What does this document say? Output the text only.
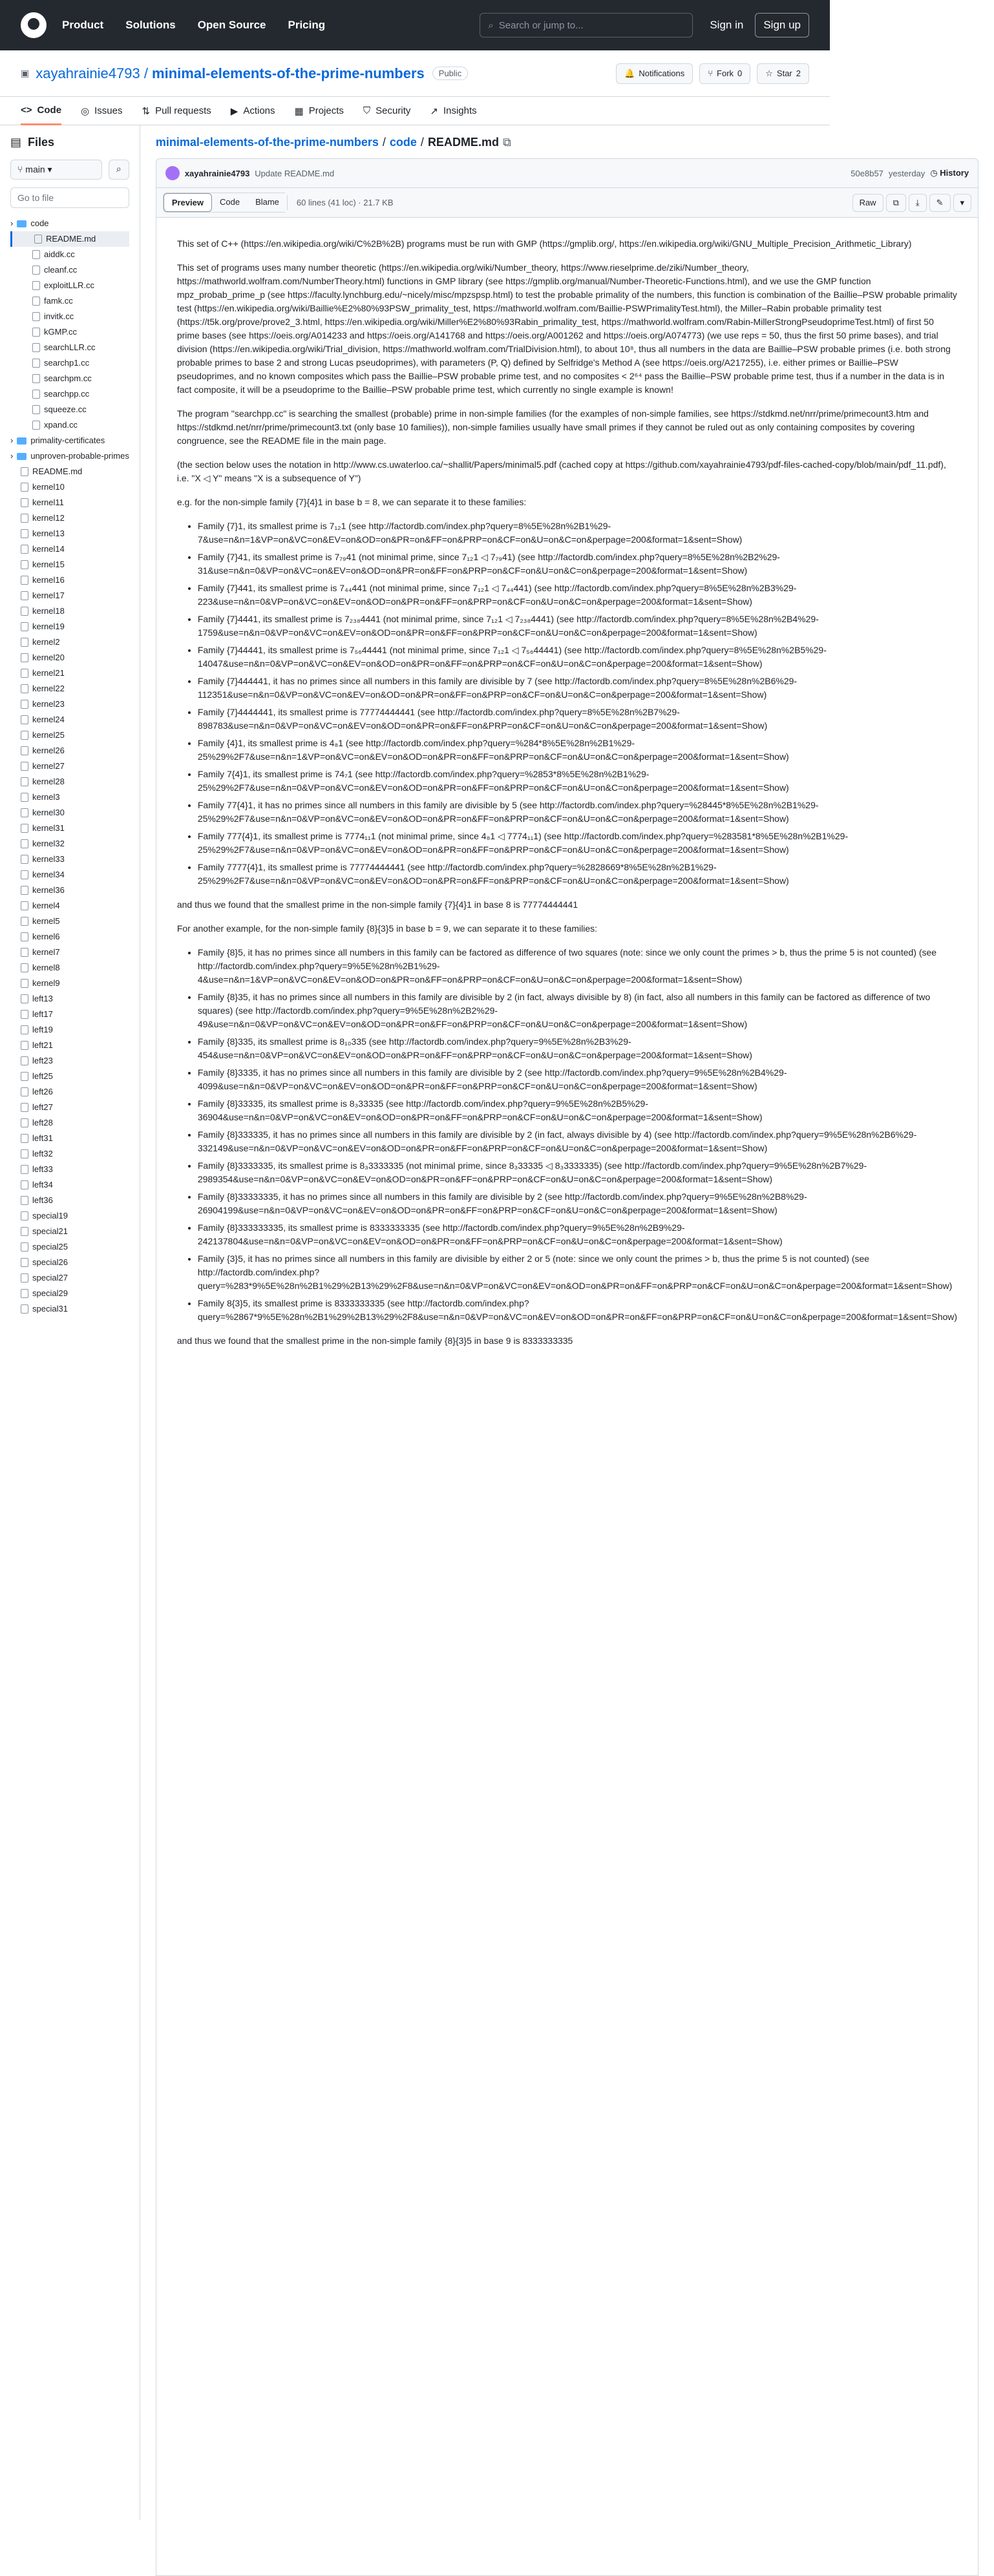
Product Solutions Open Source Pricing	⌕ Search or jump to...	Sign in	Sign up
▣ xayahrainie4793 / minimal-elements-of-the-prime-numbers	Public	🔔 Notifications	⑂ Fork 0	☆ Star 2
<> Code ◎ Issues ⇅ Pull requests ▶ Actions ▦ Projects ⛉ Security ↗ Insights
▤ Files
⑂ main ▾	⌕
Go to file
› code
README.md
aiddk.cc
cleanf.cc
exploitLLR.cc
famk.cc
invitk.cc
kGMP.cc
searchLLR.cc
searchp1.cc
searchpm.cc
searchpp.cc
squeeze.cc
xpand.cc
› primality-certificates
› unproven-probable-primes
README.md
kernel10
kernel11
kernel12
kernel13
kernel14
kernel15
kernel16
kernel17
kernel18
kernel19
kernel2
kernel20
kernel21
kernel22
kernel23
kernel24
kernel25
kernel26
kernel27
kernel28
kernel3
kernel30
kernel31
kernel32
kernel33
kernel34
kernel36
kernel4
kernel5
kernel6
kernel7
kernel8
kernel9
left13
left17
left19
left21
left23
left25
left26
left27
left28
left31
left32
left33
left34
left36
special19
special21
special25
special26
special27
special29
special31
minimal-elements-of-the-prime-numbers / code / README.md ⧉
xayahrainie4793 Update README.md	50e8b57 yesterday ◷ History
Preview	Code	Blame	60 lines (41 loc) · 21.7 KB	Raw	⧉	⤓	✎	▾

This set of C++ (https://en.wikipedia.org/wiki/C%2B%2B) programs must be run with GMP (https://gmplib.org/, https://en.wikipedia.org/wiki/GNU_Multiple_Precision_Arithmetic_Library)

This set of programs uses many number theoretic (https://en.wikipedia.org/wiki/Number_theory, https://www.rieselprime.de/ziki/Number_theory, https://mathworld.wolfram.com/NumberTheory.html) functions in GMP library (see https://gmplib.org/manual/Number-Theoretic-Functions.html), and we use the GMP function mpz_probab_prime_p (see https://faculty.lynchburg.edu/~nicely/misc/mpzspsp.html) to test the probable primality of the numbers, this function is combination of the Baillie–PSW probable primality test (https://en.wikipedia.org/wiki/Baillie%E2%80%93PSW_primality_test, https://mathworld.wolfram.com/Baillie-PSWPrimalityTest.html), the Miller–Rabin probable primality test (https://t5k.org/prove/prove2_3.html, https://en.wikipedia.org/wiki/Miller%E2%80%93Rabin_primality_test, https://mathworld.wolfram.com/Rabin-MillerStrongPseudoprimeTest.html) of first 50 prime bases (see https://oeis.org/A014233 and https://oeis.org/A141768 and https://oeis.org/A001262 and https://oeis.org/A074773) (we use reps = 50, thus the first 50 prime bases), and trial division (https://en.wikipedia.org/wiki/Trial_division, https://mathworld.wolfram.com/TrialDivision.html), to about 10⁸, thus all numbers in the data are Baillie–PSW probable primes (i.e. both strong probable primes to base 2 and strong Lucas pseudoprimes), with parameters (P, Q) defined by Selfridge's Method A (see https://oeis.org/A217255), i.e. either primes or Baillie–PSW pseudoprimes, and no known composites which pass the Baillie–PSW probable prime test, and no composites < 2⁶⁴ pass the Baillie–PSW probable prime test, thus if a number in the data is in fact composite, it will be a pseudoprime to the Baillie–PSW probable prime test, which currently no single example is known!

The program "searchpp.cc" is searching the smallest (probable) prime in non-simple families (for the examples of non-simple families, see https://stdkmd.net/nrr/prime/primecount3.htm and https://stdkmd.net/nrr/prime/primecount3.txt (only base 10 families)), non-simple families usually have small primes if they cannot be ruled out as only containing composites by covering congruence, see the README file in the main page.

(the section below uses the notation in http://www.cs.uwaterloo.ca/~shallit/Papers/minimal5.pdf (cached copy at https://github.com/xayahrainie4793/pdf-files-cached-copy/blob/main/pdf_11.pdf), i.e. "X ◁ Y" means "X is a subsequence of Y")

e.g. for the non-simple family {7}{4}1 in base b = 8, we can separate it to these families:

• Family {7}1, its smallest prime is 7₁₂1 (see http://factordb.com/index.php?query=8%5E%28n%2B1%29-7&use=n&n=1&VP=on&VC=on&EV=on&OD=on&PR=on&FF=on&PRP=on&CF=on&U=on&C=on&perpage=200&format=1&sent=Show)
• Family {7}41, its smallest prime is 7₇₉41 (not minimal prime, since 7₁₂1 ◁ 7₇₉41) (see http://factordb.com/index.php?query=8%5E%28n%2B2%29-31&use=n&n=0&VP=on&VC=on&EV=on&OD=on&PR=on&FF=on&PRP=on&CF=on&U=on&C=on&perpage=200&format=1&sent=Show)
• Family {7}441, its smallest prime is 7₄₄441 (not minimal prime, since 7₁₂1 ◁ 7₄₄441) (see http://factordb.com/index.php?query=8%5E%28n%2B3%29-223&use=n&n=0&VP=on&VC=on&EV=on&OD=on&PR=on&FF=on&PRP=on&CF=on&U=on&C=on&perpage=200&format=1&sent=Show)
• Family {7}4441, its smallest prime is 7₂₃₈4441 (not minimal prime, since 7₁₂1 ◁ 7₂₃₈4441) (see http://factordb.com/index.php?query=8%5E%28n%2B4%29-1759&use=n&n=0&VP=on&VC=on&EV=on&OD=on&PR=on&FF=on&PRP=on&CF=on&U=on&C=on&perpage=200&format=1&sent=Show)
• Family {7}44441, its smallest prime is 7₅₆44441 (not minimal prime, since 7₁₂1 ◁ 7₅₆44441) (see http://factordb.com/index.php?query=8%5E%28n%2B5%29-14047&use=n&n=0&VP=on&VC=on&EV=on&OD=on&PR=on&FF=on&PRP=on&CF=on&U=on&C=on&perpage=200&format=1&sent=Show)
• Family {7}444441, it has no primes since all numbers in this family are divisible by 7 (see http://factordb.com/index.php?query=8%5E%28n%2B6%29-112351&use=n&n=0&VP=on&VC=on&EV=on&OD=on&PR=on&FF=on&PRP=on&CF=on&U=on&C=on&perpage=200&format=1&sent=Show)
• Family {7}4444441, its smallest prime is 77774444441 (see http://factordb.com/index.php?query=8%5E%28n%2B7%29-898783&use=n&n=0&VP=on&VC=on&EV=on&OD=on&PR=on&FF=on&PRP=on&CF=on&U=on&C=on&perpage=200&format=1&sent=Show)
• Family {4}1, its smallest prime is 4₈1 (see http://factordb.com/index.php?query=%284*8%5E%28n%2B1%29-25%29%2F7&use=n&n=1&VP=on&VC=on&EV=on&OD=on&PR=on&FF=on&PRP=on&CF=on&U=on&C=on&perpage=200&format=1&sent=Show)
• Family 7{4}1, its smallest prime is 74₇1 (see http://factordb.com/index.php?query=%2853*8%5E%28n%2B1%29-25%29%2F7&use=n&n=0&VP=on&VC=on&EV=on&OD=on&PR=on&FF=on&PRP=on&CF=on&U=on&C=on&perpage=200&format=1&sent=Show)
• Family 77{4}1, it has no primes since all numbers in this family are divisible by 5 (see http://factordb.com/index.php?query=%28445*8%5E%28n%2B1%29-25%29%2F7&use=n&n=0&VP=on&VC=on&EV=on&OD=on&PR=on&FF=on&PRP=on&CF=on&U=on&C=on&perpage=200&format=1&sent=Show)
• Family 777{4}1, its smallest prime is 7774₁₁1 (not minimal prime, since 4₈1 ◁ 7774₁₁1) (see http://factordb.com/index.php?query=%283581*8%5E%28n%2B1%29-25%29%2F7&use=n&n=0&VP=on&VC=on&EV=on&OD=on&PR=on&FF=on&PRP=on&CF=on&U=on&C=on&perpage=200&format=1&sent=Show)
• Family 7777{4}1, its smallest prime is 77774444441 (see http://factordb.com/index.php?query=%2828669*8%5E%28n%2B1%29-25%29%2F7&use=n&n=0&VP=on&VC=on&EV=on&OD=on&PR=on&FF=on&PRP=on&CF=on&U=on&C=on&perpage=200&format=1&sent=Show)

and thus we found that the smallest prime in the non-simple family {7}{4}1 in base 8 is 77774444441

For another example, for the non-simple family {8}{3}5 in base b = 9, we can separate it to these families:

• Family {8}5, it has no primes since all numbers in this family can be factored as difference of two squares (note: since we only count the primes > b, thus the prime 5 is not counted) (see http://factordb.com/index.php?query=9%5E%28n%2B1%29-4&use=n&n=1&VP=on&VC=on&EV=on&OD=on&PR=on&FF=on&PRP=on&CF=on&U=on&C=on&perpage=200&format=1&sent=Show)
• Family {8}35, it has no primes since all numbers in this family are divisible by 2 (in fact, always divisible by 8) (in fact, also all numbers in this family can be factored as difference of two squares) (see http://factordb.com/index.php?query=9%5E%28n%2B2%29-49&use=n&n=0&VP=on&VC=on&EV=on&OD=on&PR=on&FF=on&PRP=on&CF=on&U=on&C=on&perpage=200&format=1&sent=Show)
• Family {8}335, its smallest prime is 8₁₀335 (see http://factordb.com/index.php?query=9%5E%28n%2B3%29-454&use=n&n=0&VP=on&VC=on&EV=on&OD=on&PR=on&FF=on&PRP=on&CF=on&U=on&C=on&perpage=200&format=1&sent=Show)
• Family {8}3335, it has no primes since all numbers in this family are divisible by 2 (see http://factordb.com/index.php?query=9%5E%28n%2B4%29-4099&use=n&n=0&VP=on&VC=on&EV=on&OD=on&PR=on&FF=on&PRP=on&CF=on&U=on&C=on&perpage=200&format=1&sent=Show)
• Family {8}33335, its smallest prime is 8₃33335 (see http://factordb.com/index.php?query=9%5E%28n%2B5%29-36904&use=n&n=0&VP=on&VC=on&EV=on&OD=on&PR=on&FF=on&PRP=on&CF=on&U=on&C=on&perpage=200&format=1&sent=Show)
• Family {8}333335, it has no primes since all numbers in this family are divisible by 2 (in fact, always divisible by 4) (see http://factordb.com/index.php?query=9%5E%28n%2B6%29-332149&use=n&n=0&VP=on&VC=on&EV=on&OD=on&PR=on&FF=on&PRP=on&CF=on&U=on&C=on&perpage=200&format=1&sent=Show)
• Family {8}3333335, its smallest prime is 8₃3333335 (not minimal prime, since 8₃33335 ◁ 8₃3333335) (see http://factordb.com/index.php?query=9%5E%28n%2B7%29-2989354&use=n&n=0&VP=on&VC=on&EV=on&OD=on&PR=on&FF=on&PRP=on&CF=on&U=on&C=on&perpage=200&format=1&sent=Show)
• Family {8}33333335, it has no primes since all numbers in this family are divisible by 2 (see http://factordb.com/index.php?query=9%5E%28n%2B8%29-26904199&use=n&n=0&VP=on&VC=on&EV=on&OD=on&PR=on&FF=on&PRP=on&CF=on&U=on&C=on&perpage=200&format=1&sent=Show)
• Family {8}333333335, its smallest prime is 8333333335 (see http://factordb.com/index.php?query=9%5E%28n%2B9%29-242137804&use=n&n=0&VP=on&VC=on&EV=on&OD=on&PR=on&FF=on&PRP=on&CF=on&U=on&C=on&perpage=200&format=1&sent=Show)
• Family {3}5, it has no primes since all numbers in this family are divisible by either 2 or 5 (note: since we only count the primes > b, thus the prime 5 is not counted) (see http://factordb.com/index.php?query=%283*9%5E%28n%2B1%29%2B13%29%2F8&use=n&n=0&VP=on&VC=on&EV=on&OD=on&PR=on&FF=on&PRP=on&CF=on&U=on&C=on&perpage=200&format=1&sent=Show)
• Family 8{3}5, its smallest prime is 8333333335 (see http://factordb.com/index.php?query=%2867*9%5E%28n%2B1%29%2B13%29%2F8&use=n&n=0&VP=on&VC=on&EV=on&OD=on&PR=on&FF=on&PRP=on&CF=on&U=on&C=on&perpage=200&format=1&sent=Show)

and thus we found that the smallest prime in the non-simple family {8}{3}5 in base 9 is 8333333335
